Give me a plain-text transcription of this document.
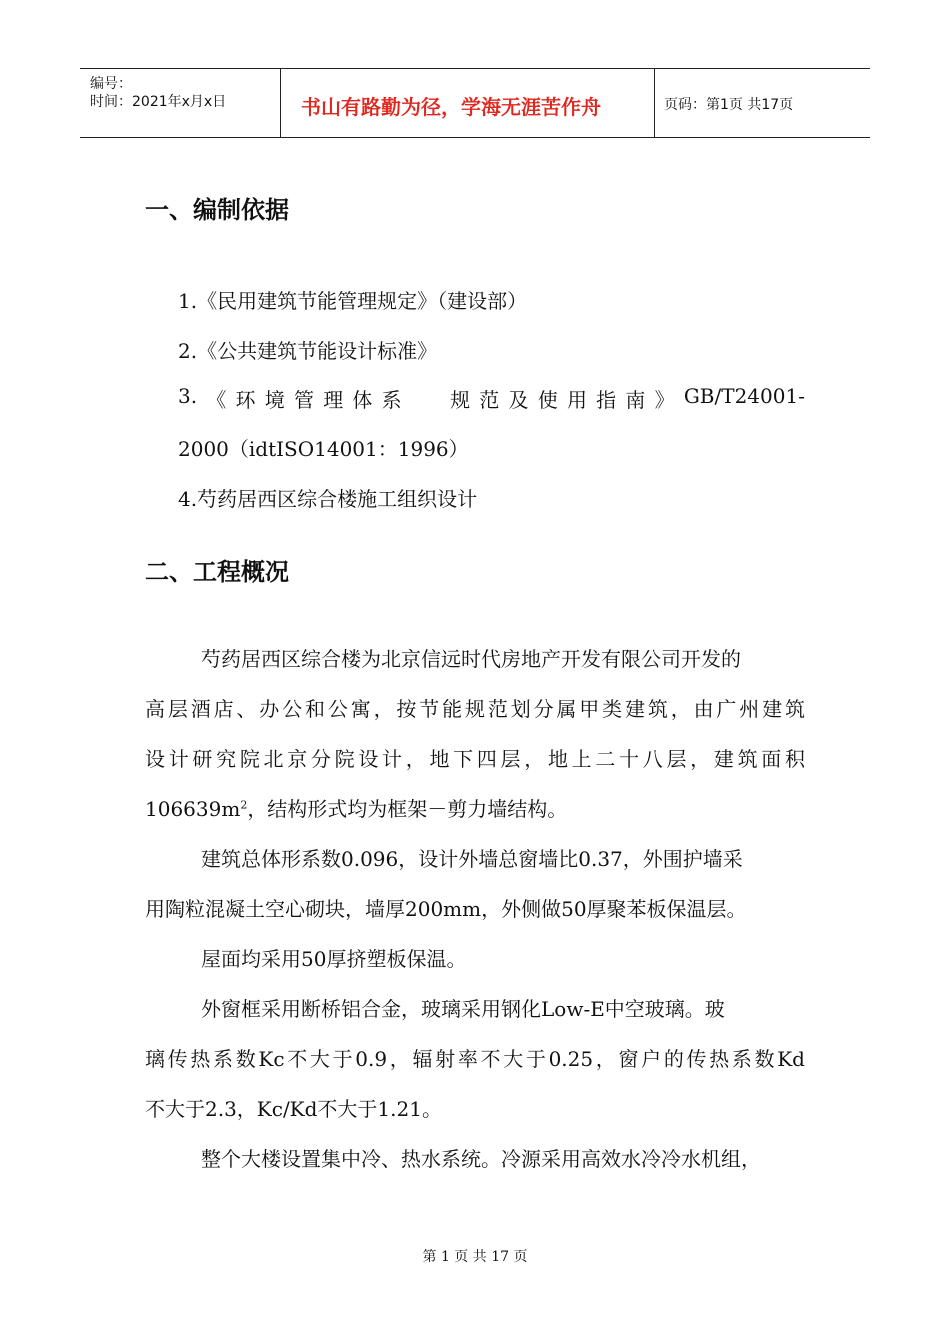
编号：
时间：2021年x月x日	书山有路勤为径，学海无涯苦作舟	页码：第1页 共17页
一、编制依据
1.《民用建筑节能管理规定》（建设部）
2.《公共建筑节能设计标准》
3. 《 环 境 管 理 体 系 规 范 及 使 用 指 南 》 GB/T24001-
2000（idtISO14001：1996）
4.芍药居西区综合楼施工组织设计
二、工程概况
芍药居西区综合楼为北京信远时代房地产开发有限公司开发的
高层酒店、办公和公寓，按节能规范划分属甲类建筑，由广州建筑
设计研究院北京分院设计，地下四层，地上二十八层，建筑面积
$106639m^2$，结构形式均为框架－剪力墙结构。
建筑总体形系数0.096，设计外墙总窗墙比0.37，外围护墙采
用陶粒混凝土空心砌块，墙厚200mm，外侧做50厚聚苯板保温层。
屋面均采用50厚挤塑板保温。
外窗框采用断桥铝合金，玻璃采用钢化Low-E中空玻璃。玻
璃传热系数Kc不大于0.9，辐射率不大于0.25，窗户的传热系数Kd
不大于2.3，Kc/Kd不大于1.21。
整个大楼设置集中冷、热水系统。冷源采用高效水冷冷水机组，
第 1 页 共 17 页
